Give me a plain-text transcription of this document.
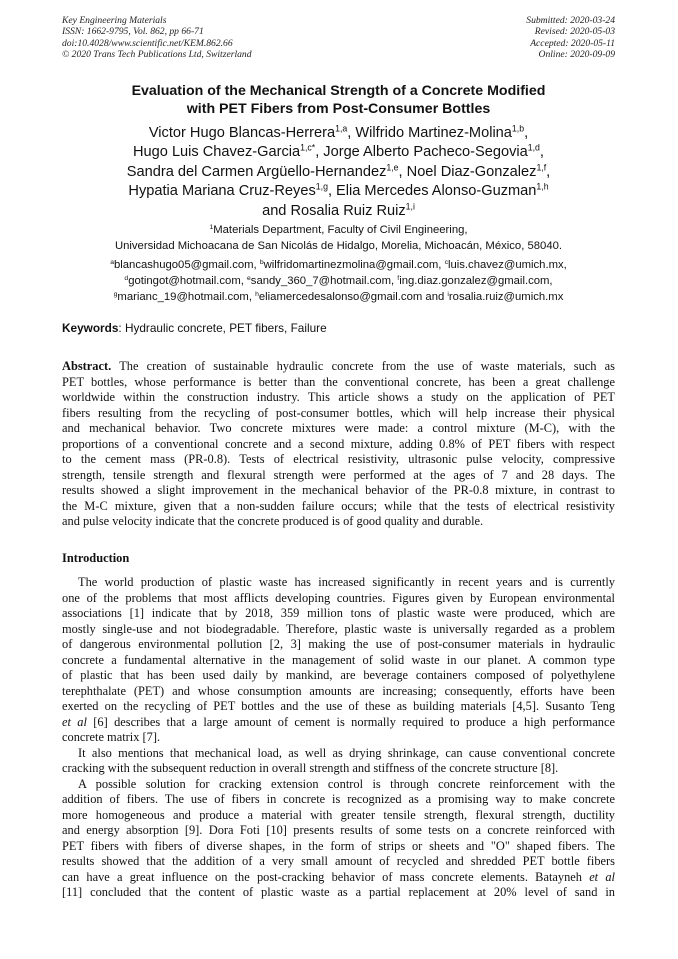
Key Engineering Materials
ISSN: 1662-9795, Vol. 862, pp 66-71
doi:10.4028/www.scientific.net/KEM.862.66
© 2020 Trans Tech Publications Ltd, Switzerland
Submitted: 2020-03-24
Revised: 2020-05-03
Accepted: 2020-05-11
Online: 2020-09-09
Evaluation of the Mechanical Strength of a Concrete Modified
with PET Fibers from Post-Consumer Bottles
Victor Hugo Blancas-Herrera$^{1,a}$, Wilfrido Martinez-Molina$^{1,b}$,
Hugo Luis Chavez-Garcia$^{1,c*}$, Jorge Alberto Pacheco-Segovia$^{1,d}$,
Sandra del Carmen Argüello-Hernandez$^{1,e}$, Noel Diaz-Gonzalez$^{1,f}$,
Hypatia Mariana Cruz-Reyes$^{1,g}$, Elia Mercedes Alonso-Guzman$^{1,h}$
and Rosalia Ruiz Ruiz$^{1,i}$
$^1$Materials Department, Faculty of Civil Engineering,
Universidad Michoacana de San Nicolás de Hidalgo, Morelia, Michoacán, México, 58040.
$^a$blancashugo05@gmail.com, $^b$wilfridomartinezmolina@gmail.com, $^c$luis.chavez@umich.mx,
$^d$gotingot@hotmail.com, $^e$sandy_360_7@hotmail.com, $^f$ing.diaz.gonzalez@gmail.com,
$^g$marianc_19@hotmail.com, $^h$eliamercedesalonso@gmail.com and $^i$rosalia.ruiz@umich.mx
Keywords: Hydraulic concrete, PET fibers, Failure
Abstract. The creation of sustainable hydraulic concrete from the use of waste materials, such as
PET bottles, whose performance is better than the conventional concrete, has been a great challenge
worldwide within the construction industry. This article shows a study on the application of PET
fibers resulting from the recycling of post-consumer bottles, which will help increase their physical
and mechanical behavior. Two concrete mixtures were made: a control mixture (M-C), with the
proportions of a conventional concrete and a second mixture, adding 0.8% of PET fibers with respect
to the cement mass (PR-0.8). Tests of electrical resistivity, ultrasonic pulse velocity, compressive
strength, tensile strength and flexural strength were performed at the ages of 7 and 28 days. The
results showed a slight improvement in the mechanical behavior of the PR-0.8 mixture, in contrast to
the M-C mixture, given that a non-sudden failure occurs; while that the tests of electrical resistivity
and pulse velocity indicate that the concrete produced is of good quality and durable.
Introduction
The world production of plastic waste has increased significantly in recent years and is currently
one of the problems that most afflicts developing countries. Figures given by European environmental
associations [1] indicate that by 2018, 359 million tons of plastic waste were produced, which are
mostly single-use and not biodegradable. Therefore, plastic waste is universally regarded as a problem
of dangerous environmental pollution [2, 3] making the use of post-consumer materials in hydraulic
concrete a fundamental alternative in the management of solid waste in our planet. A common type
of plastic that has been used daily by mankind, are beverage containers composed of polyethylene
terephthalate (PET) and whose consumption amounts are increasing; consequently, efforts have been
exerted on the recycling of PET bottles and the use of these as building materials [4,5]. Susanto Teng
et al [6] describes that a large amount of cement is normally required to produce a high performance
concrete matrix [7].
It also mentions that mechanical load, as well as drying shrinkage, can cause conventional concrete
cracking with the subsequent reduction in overall strength and stiffness of the concrete structure [8].
A possible solution for cracking extension control is through concrete reinforcement with the
addition of fibers. The use of fibers in concrete is recognized as a promising way to make concrete
more homogeneous and produce a material with greater tensile strength, flexural strength, ductility
and energy absorption [9]. Dora Foti [10] presents results of some tests on a concrete reinforced with
PET fibers with fibers of diverse shapes, in the form of strips or sheets and "O" shaped fibers. The
results showed that the addition of a very small amount of recycled and shredded PET bottle fibers
can have a great influence on the post-cracking behavior of mass concrete elements. Batayneh et al
[11] concluded that the content of plastic waste as a partial replacement at 20% level of sand in
